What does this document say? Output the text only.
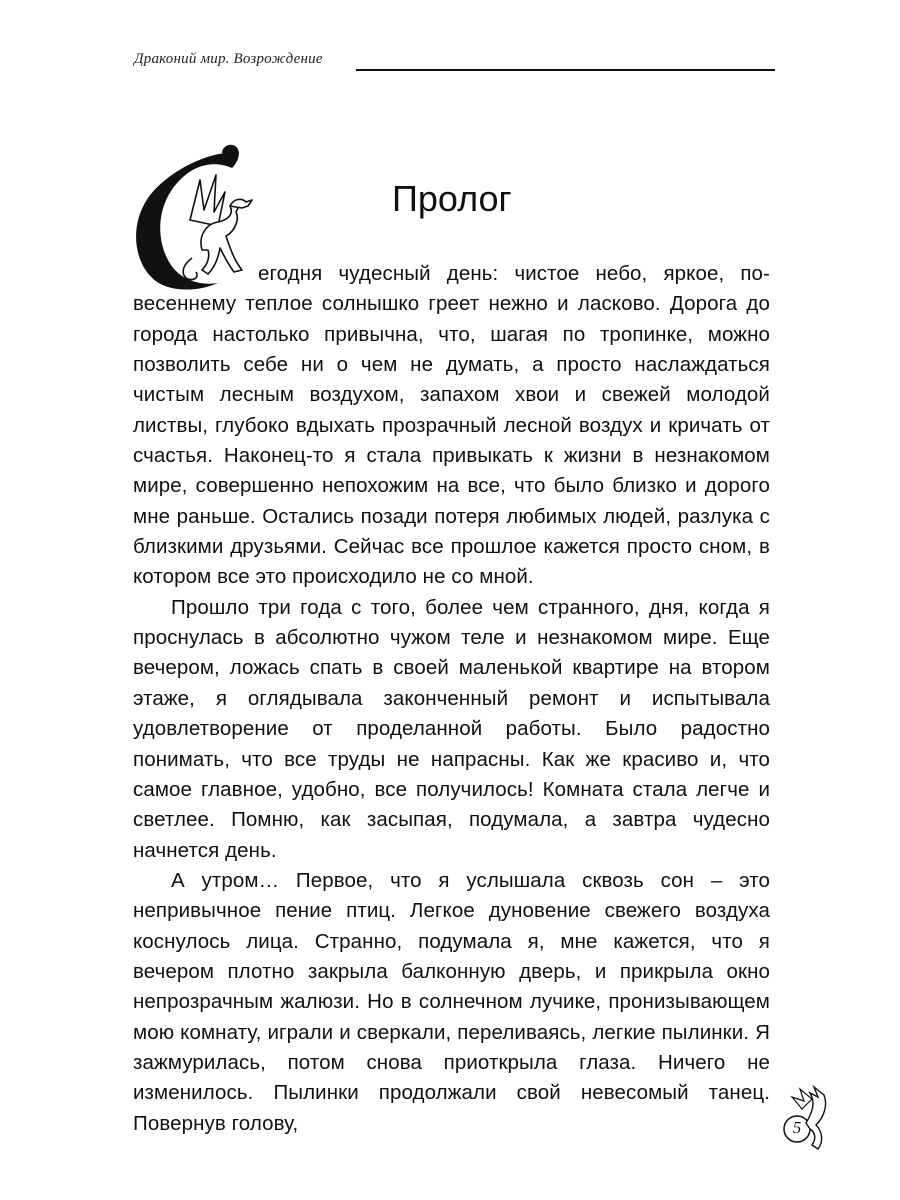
Драконий мир. Возрождение
Пролог

егодня чудесный день: чистое небо, яркое, по-весеннему теплое солнышко греет нежно и ласково. Дорога до города настолько привычна, что, шагая по тропинке, можно позволить себе ни о чем не думать, а просто наслаждаться чистым лесным воздухом, запахом хвои и свежей молодой листвы, глубоко вдыхать прозрачный лесной воздух и кричать от счастья. Наконец-то я стала привыкать к жизни в незнакомом мире, совершенно непохожим на все, что было близко и дорого мне раньше. Остались позади потеря любимых людей, разлука с близкими друзьями. Сейчас все прошлое кажется просто сном, в котором все это происходило не со мной.

Прошло три года с того, более чем странного, дня, когда я проснулась в абсолютно чужом теле и незнакомом мире. Еще вечером, ложась спать в своей маленькой квартире на втором этаже, я оглядывала законченный ремонт и испытывала удовлетворение от проделанной работы. Было радостно понимать, что все труды не напрасны. Как же красиво и, что самое главное, удобно, все получилось! Комната стала легче и светлее. Помню, как засыпая, подумала, а завтра чудесно начнется день.

А утром… Первое, что я услышала сквозь сон – это непривычное пение птиц. Легкое дуновение свежего воздуха коснулось лица. Странно, подумала я, мне кажется, что я вечером плотно закрыла балконную дверь, и прикрыла окно непрозрачным жалюзи. Но в солнечном лучике, пронизывающем мою комнату, играли и сверкали, переливаясь, легкие пылинки. Я зажмурилась, потом снова приоткрыла глаза. Ничего не изменилось. Пылинки продолжали свой невесомый танец. Повернув голову,	5
